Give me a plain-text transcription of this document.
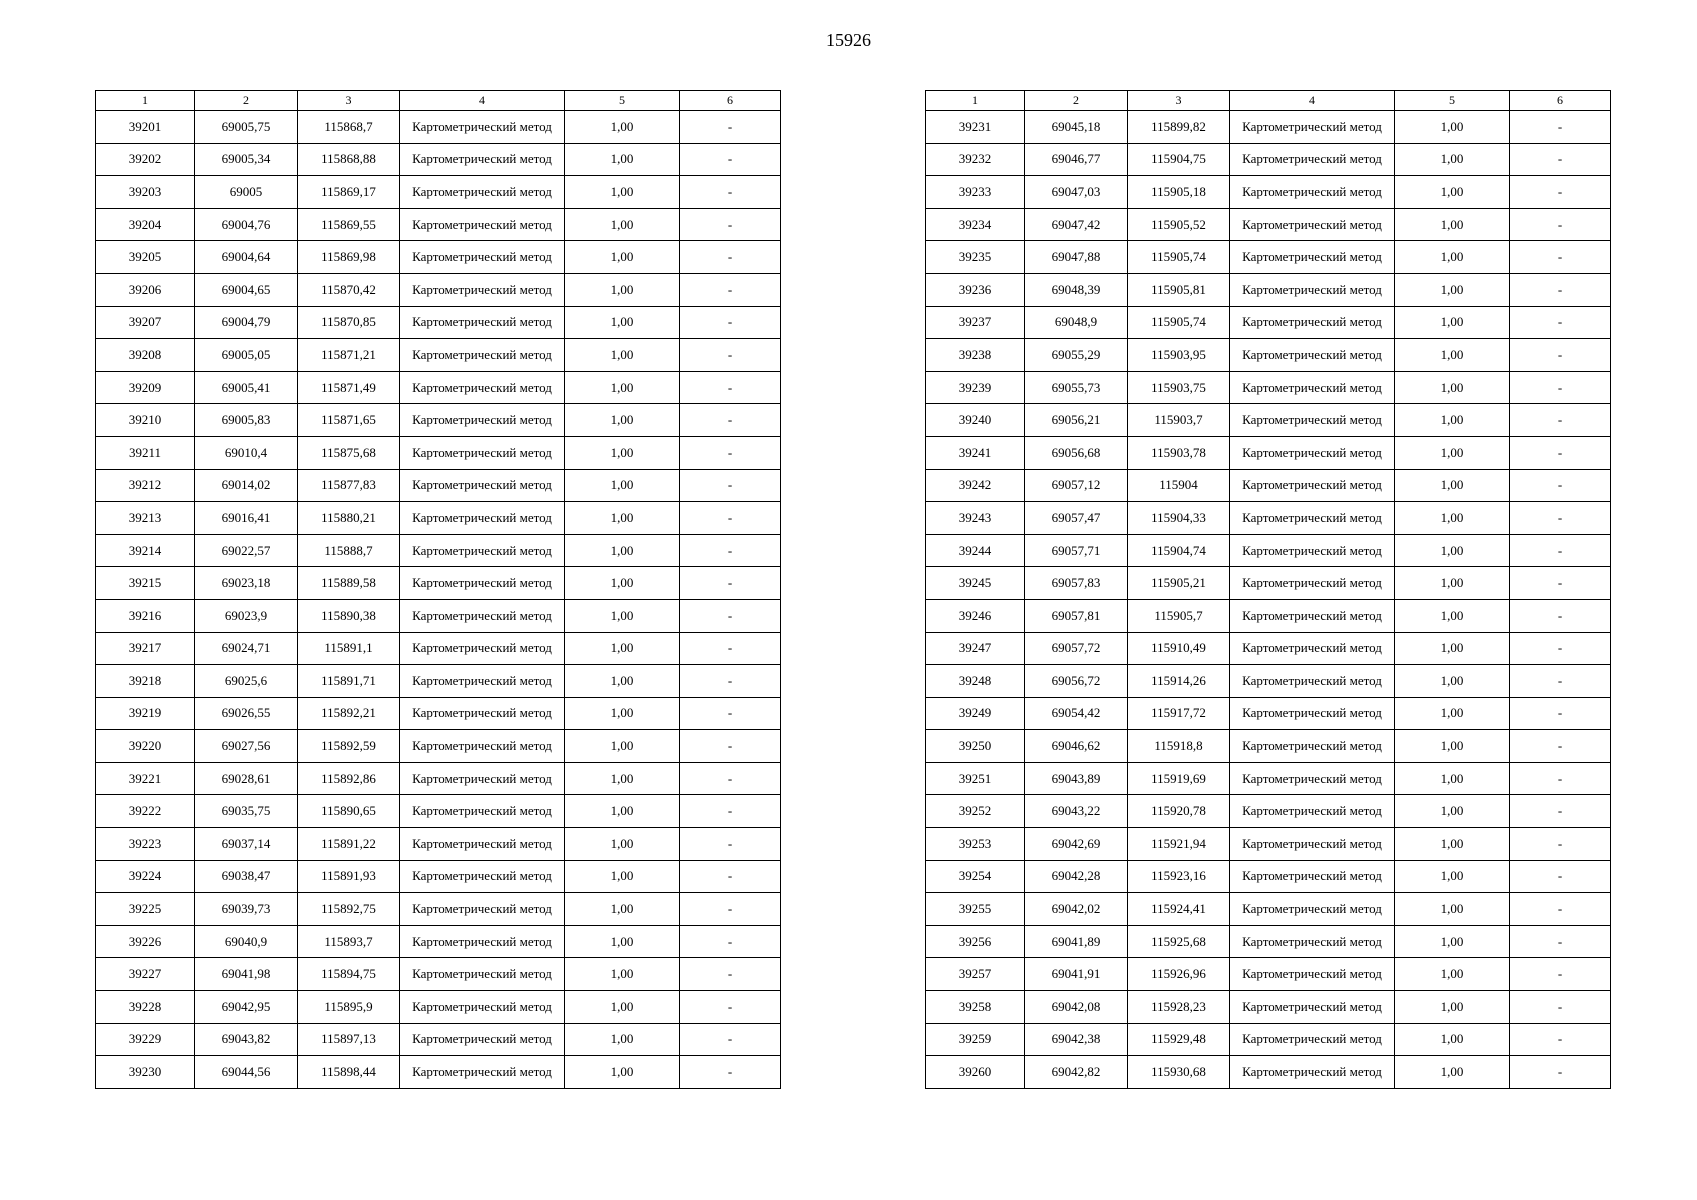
15926
1	2	3	4	5	6
39201	69005,75	115868,7	Картометрический метод	1,00	-
39202	69005,34	115868,88	Картометрический метод	1,00	-
39203	69005	115869,17	Картометрический метод	1,00	-
39204	69004,76	115869,55	Картометрический метод	1,00	-
39205	69004,64	115869,98	Картометрический метод	1,00	-
39206	69004,65	115870,42	Картометрический метод	1,00	-
39207	69004,79	115870,85	Картометрический метод	1,00	-
39208	69005,05	115871,21	Картометрический метод	1,00	-
39209	69005,41	115871,49	Картометрический метод	1,00	-
39210	69005,83	115871,65	Картометрический метод	1,00	-
39211	69010,4	115875,68	Картометрический метод	1,00	-
39212	69014,02	115877,83	Картометрический метод	1,00	-
39213	69016,41	115880,21	Картометрический метод	1,00	-
39214	69022,57	115888,7	Картометрический метод	1,00	-
39215	69023,18	115889,58	Картометрический метод	1,00	-
39216	69023,9	115890,38	Картометрический метод	1,00	-
39217	69024,71	115891,1	Картометрический метод	1,00	-
39218	69025,6	115891,71	Картометрический метод	1,00	-
39219	69026,55	115892,21	Картометрический метод	1,00	-
39220	69027,56	115892,59	Картометрический метод	1,00	-
39221	69028,61	115892,86	Картометрический метод	1,00	-
39222	69035,75	115890,65	Картометрический метод	1,00	-
39223	69037,14	115891,22	Картометрический метод	1,00	-
39224	69038,47	115891,93	Картометрический метод	1,00	-
39225	69039,73	115892,75	Картометрический метод	1,00	-
39226	69040,9	115893,7	Картометрический метод	1,00	-
39227	69041,98	115894,75	Картометрический метод	1,00	-
39228	69042,95	115895,9	Картометрический метод	1,00	-
39229	69043,82	115897,13	Картометрический метод	1,00	-
39230	69044,56	115898,44	Картометрический метод	1,00	-
1	2	3	4	5	6
39231	69045,18	115899,82	Картометрический метод	1,00	-
39232	69046,77	115904,75	Картометрический метод	1,00	-
39233	69047,03	115905,18	Картометрический метод	1,00	-
39234	69047,42	115905,52	Картометрический метод	1,00	-
39235	69047,88	115905,74	Картометрический метод	1,00	-
39236	69048,39	115905,81	Картометрический метод	1,00	-
39237	69048,9	115905,74	Картометрический метод	1,00	-
39238	69055,29	115903,95	Картометрический метод	1,00	-
39239	69055,73	115903,75	Картометрический метод	1,00	-
39240	69056,21	115903,7	Картометрический метод	1,00	-
39241	69056,68	115903,78	Картометрический метод	1,00	-
39242	69057,12	115904	Картометрический метод	1,00	-
39243	69057,47	115904,33	Картометрический метод	1,00	-
39244	69057,71	115904,74	Картометрический метод	1,00	-
39245	69057,83	115905,21	Картометрический метод	1,00	-
39246	69057,81	115905,7	Картометрический метод	1,00	-
39247	69057,72	115910,49	Картометрический метод	1,00	-
39248	69056,72	115914,26	Картометрический метод	1,00	-
39249	69054,42	115917,72	Картометрический метод	1,00	-
39250	69046,62	115918,8	Картометрический метод	1,00	-
39251	69043,89	115919,69	Картометрический метод	1,00	-
39252	69043,22	115920,78	Картометрический метод	1,00	-
39253	69042,69	115921,94	Картометрический метод	1,00	-
39254	69042,28	115923,16	Картометрический метод	1,00	-
39255	69042,02	115924,41	Картометрический метод	1,00	-
39256	69041,89	115925,68	Картометрический метод	1,00	-
39257	69041,91	115926,96	Картометрический метод	1,00	-
39258	69042,08	115928,23	Картометрический метод	1,00	-
39259	69042,38	115929,48	Картометрический метод	1,00	-
39260	69042,82	115930,68	Картометрический метод	1,00	-
